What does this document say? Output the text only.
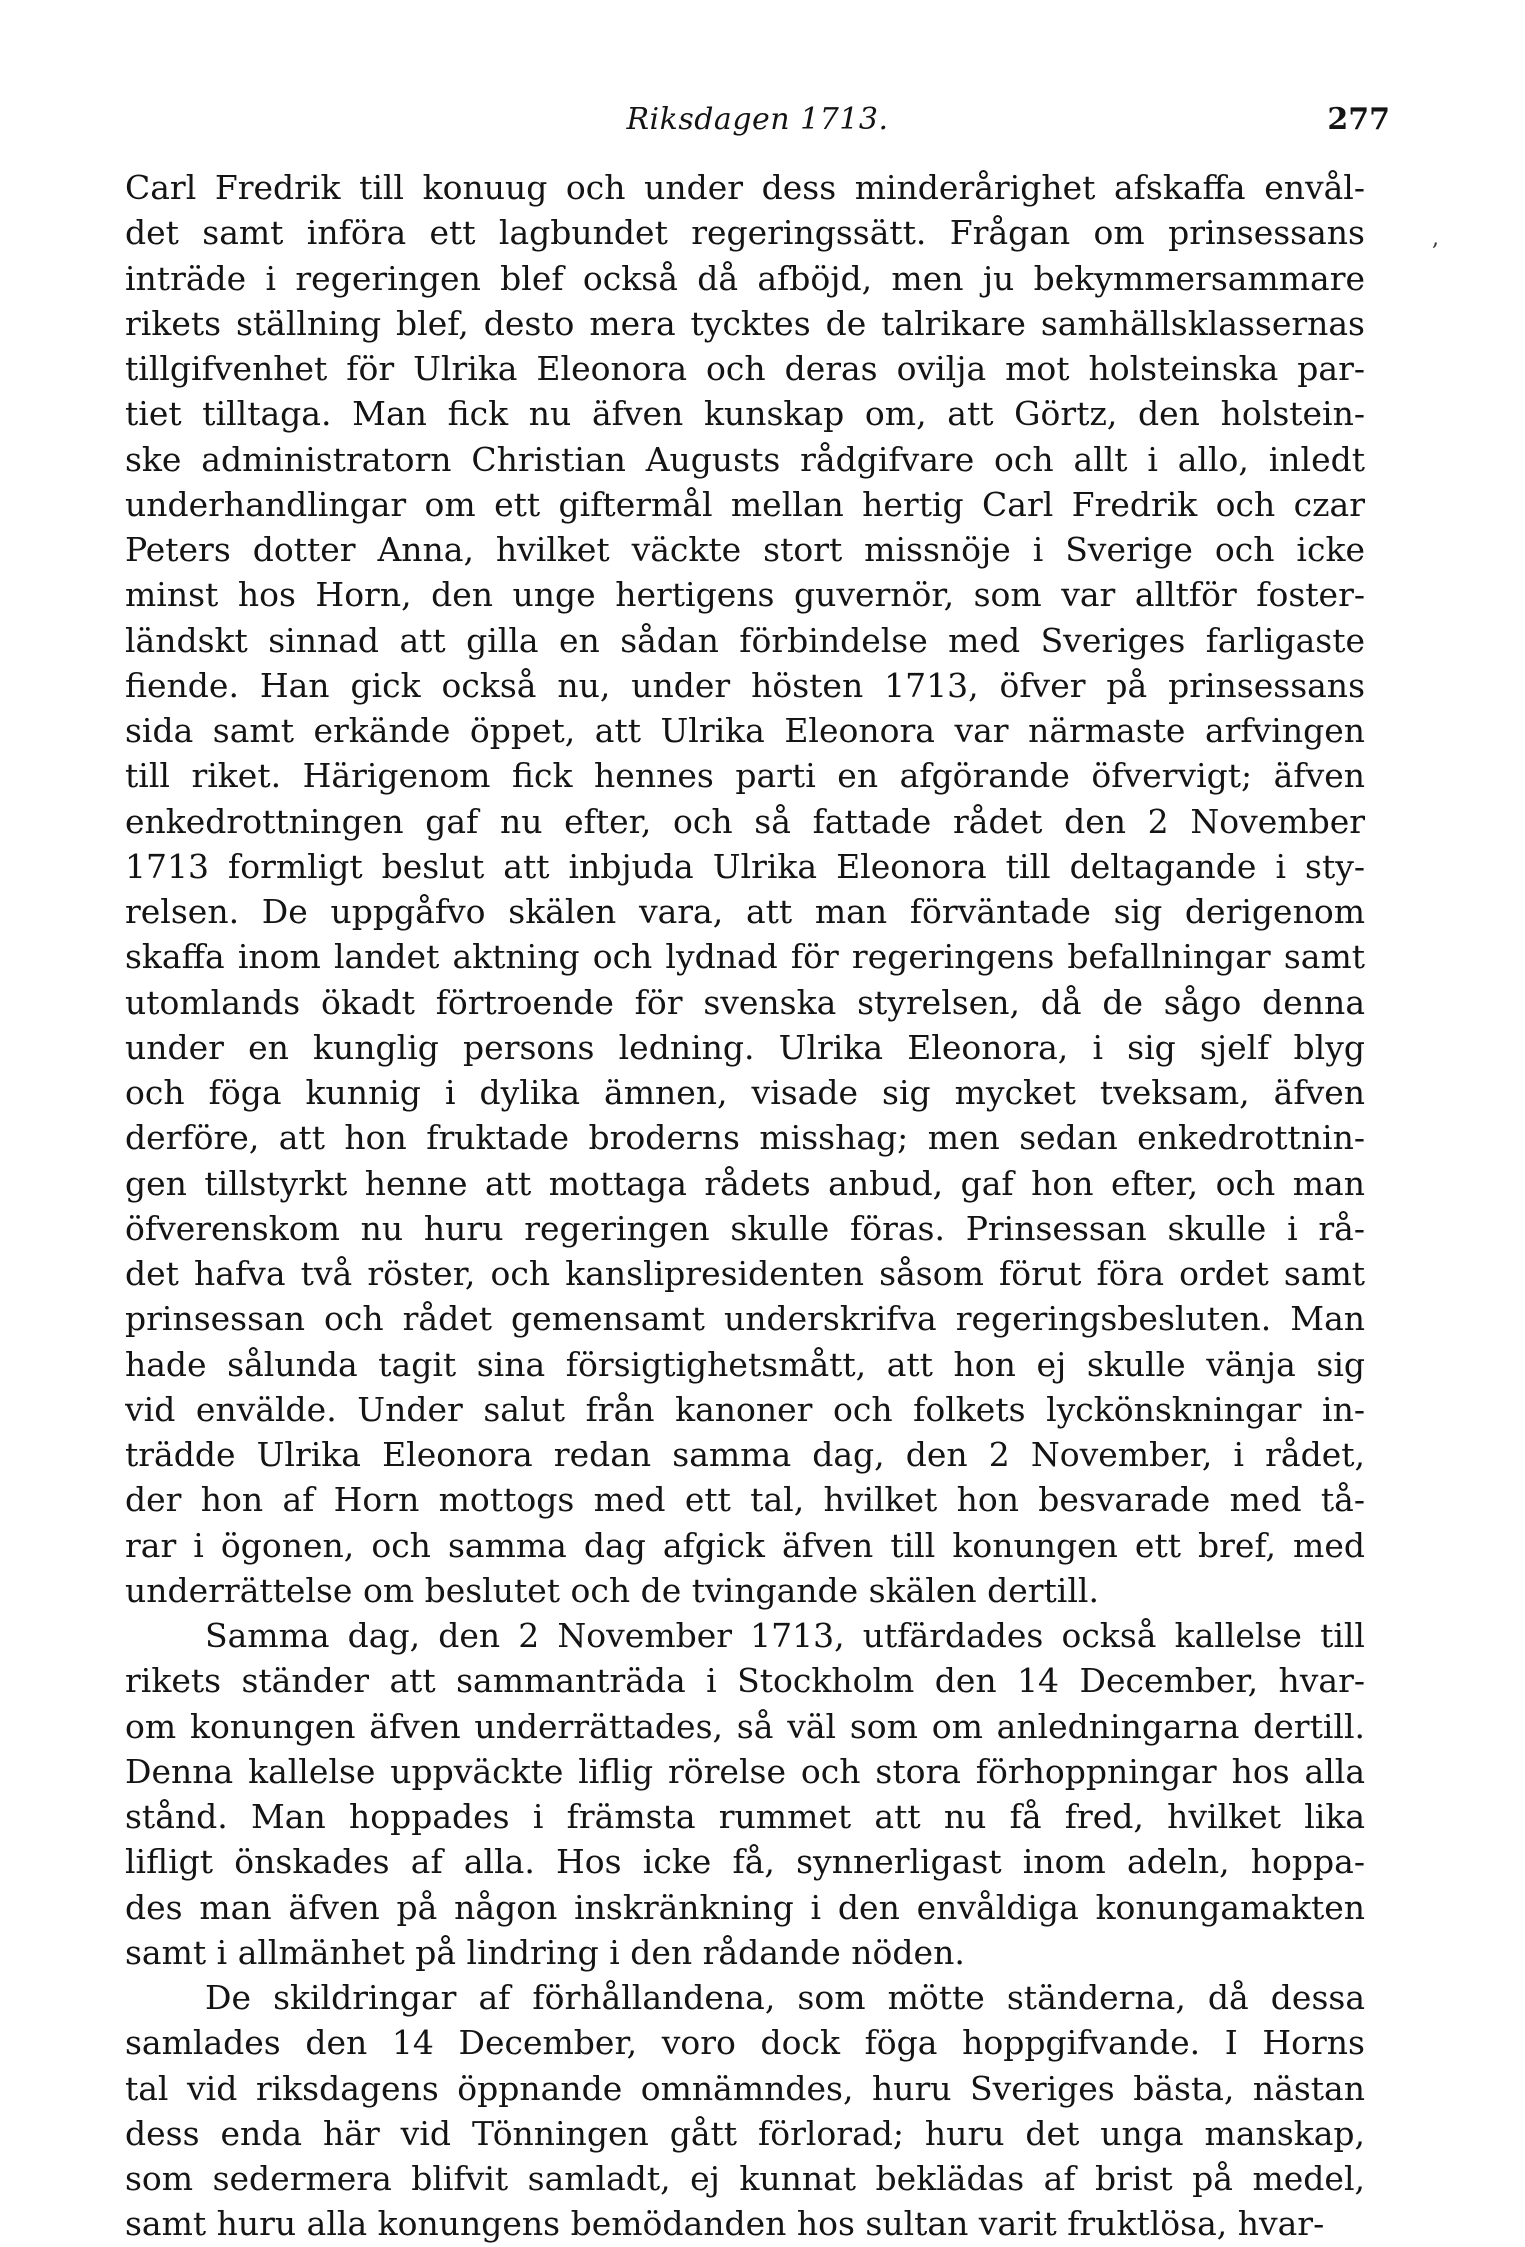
Riksdagen 1713.	277
Carl Fredrik till konuug och under dess minderårighet afskaffa envål-
det samt införa ett lagbundet regeringssätt. Frågan om prinsessans
inträde i regeringen blef också då afböjd, men ju bekymmersammare
rikets ställning blef, desto mera tycktes de talrikare samhällsklassernas
tillgifvenhet för Ulrika Eleonora och deras ovilja mot holsteinska par-
tiet tilltaga. Man fick nu äfven kunskap om, att Görtz, den holstein-
ske administratorn Christian Augusts rådgifvare och allt i allo, inledt
underhandlingar om ett giftermål mellan hertig Carl Fredrik och czar
Peters dotter Anna, hvilket väckte stort missnöje i Sverige och icke
minst hos Horn, den unge hertigens guvernör, som var alltför foster-
ländskt sinnad att gilla en sådan förbindelse med Sveriges farligaste
fiende. Han gick också nu, under hösten 1713, öfver på prinsessans
sida samt erkände öppet, att Ulrika Eleonora var närmaste arfvingen
till riket. Härigenom fick hennes parti en afgörande öfvervigt; äfven
enkedrottningen gaf nu efter, och så fattade rådet den 2 November
1713 formligt beslut att inbjuda Ulrika Eleonora till deltagande i sty-
relsen. De uppgåfvo skälen vara, att man förväntade sig derigenom
skaffa inom landet aktning och lydnad för regeringens befallningar samt
utomlands ökadt förtroende för svenska styrelsen, då de sågo denna
under en kunglig persons ledning. Ulrika Eleonora, i sig sjelf blyg
och föga kunnig i dylika ämnen, visade sig mycket tveksam, äfven
derföre, att hon fruktade broderns misshag; men sedan enkedrottnin-
gen tillstyrkt henne att mottaga rådets anbud, gaf hon efter, och man
öfverenskom nu huru regeringen skulle föras. Prinsessan skulle i rå-
det hafva två röster, och kanslipresidenten såsom förut föra ordet samt
prinsessan och rådet gemensamt underskrifva regeringsbesluten. Man
hade sålunda tagit sina försigtighetsmått, att hon ej skulle vänja sig
vid envälde. Under salut från kanoner och folkets lyckönskningar in-
trädde Ulrika Eleonora redan samma dag, den 2 November, i rådet,
der hon af Horn mottogs med ett tal, hvilket hon besvarade med tå-
rar i ögonen, och samma dag afgick äfven till konungen ett bref, med
underrättelse om beslutet och de tvingande skälen dertill.
Samma dag, den 2 November 1713, utfärdades också kallelse till
rikets ständer att sammanträda i Stockholm den 14 December, hvar-
om konungen äfven underrättades, så väl som om anledningarna dertill.
Denna kallelse uppväckte liflig rörelse och stora förhoppningar hos alla
stånd. Man hoppades i främsta rummet att nu få fred, hvilket lika
lifligt önskades af alla. Hos icke få, synnerligast inom adeln, hoppa-
des man äfven på någon inskränkning i den envåldiga konungamakten
samt i allmänhet på lindring i den rådande nöden.
De skildringar af förhållandena, som mötte ständerna, då dessa
samlades den 14 December, voro dock föga hoppgifvande. I Horns
tal vid riksdagens öppnande omnämndes, huru Sveriges bästa, nästan
dess enda här vid Tönningen gått förlorad; huru det unga manskap,
som sedermera blifvit samladt, ej kunnat beklädas af brist på medel,
samt huru alla konungens bemödanden hos sultan varit fruktlösa, hvar-
,
